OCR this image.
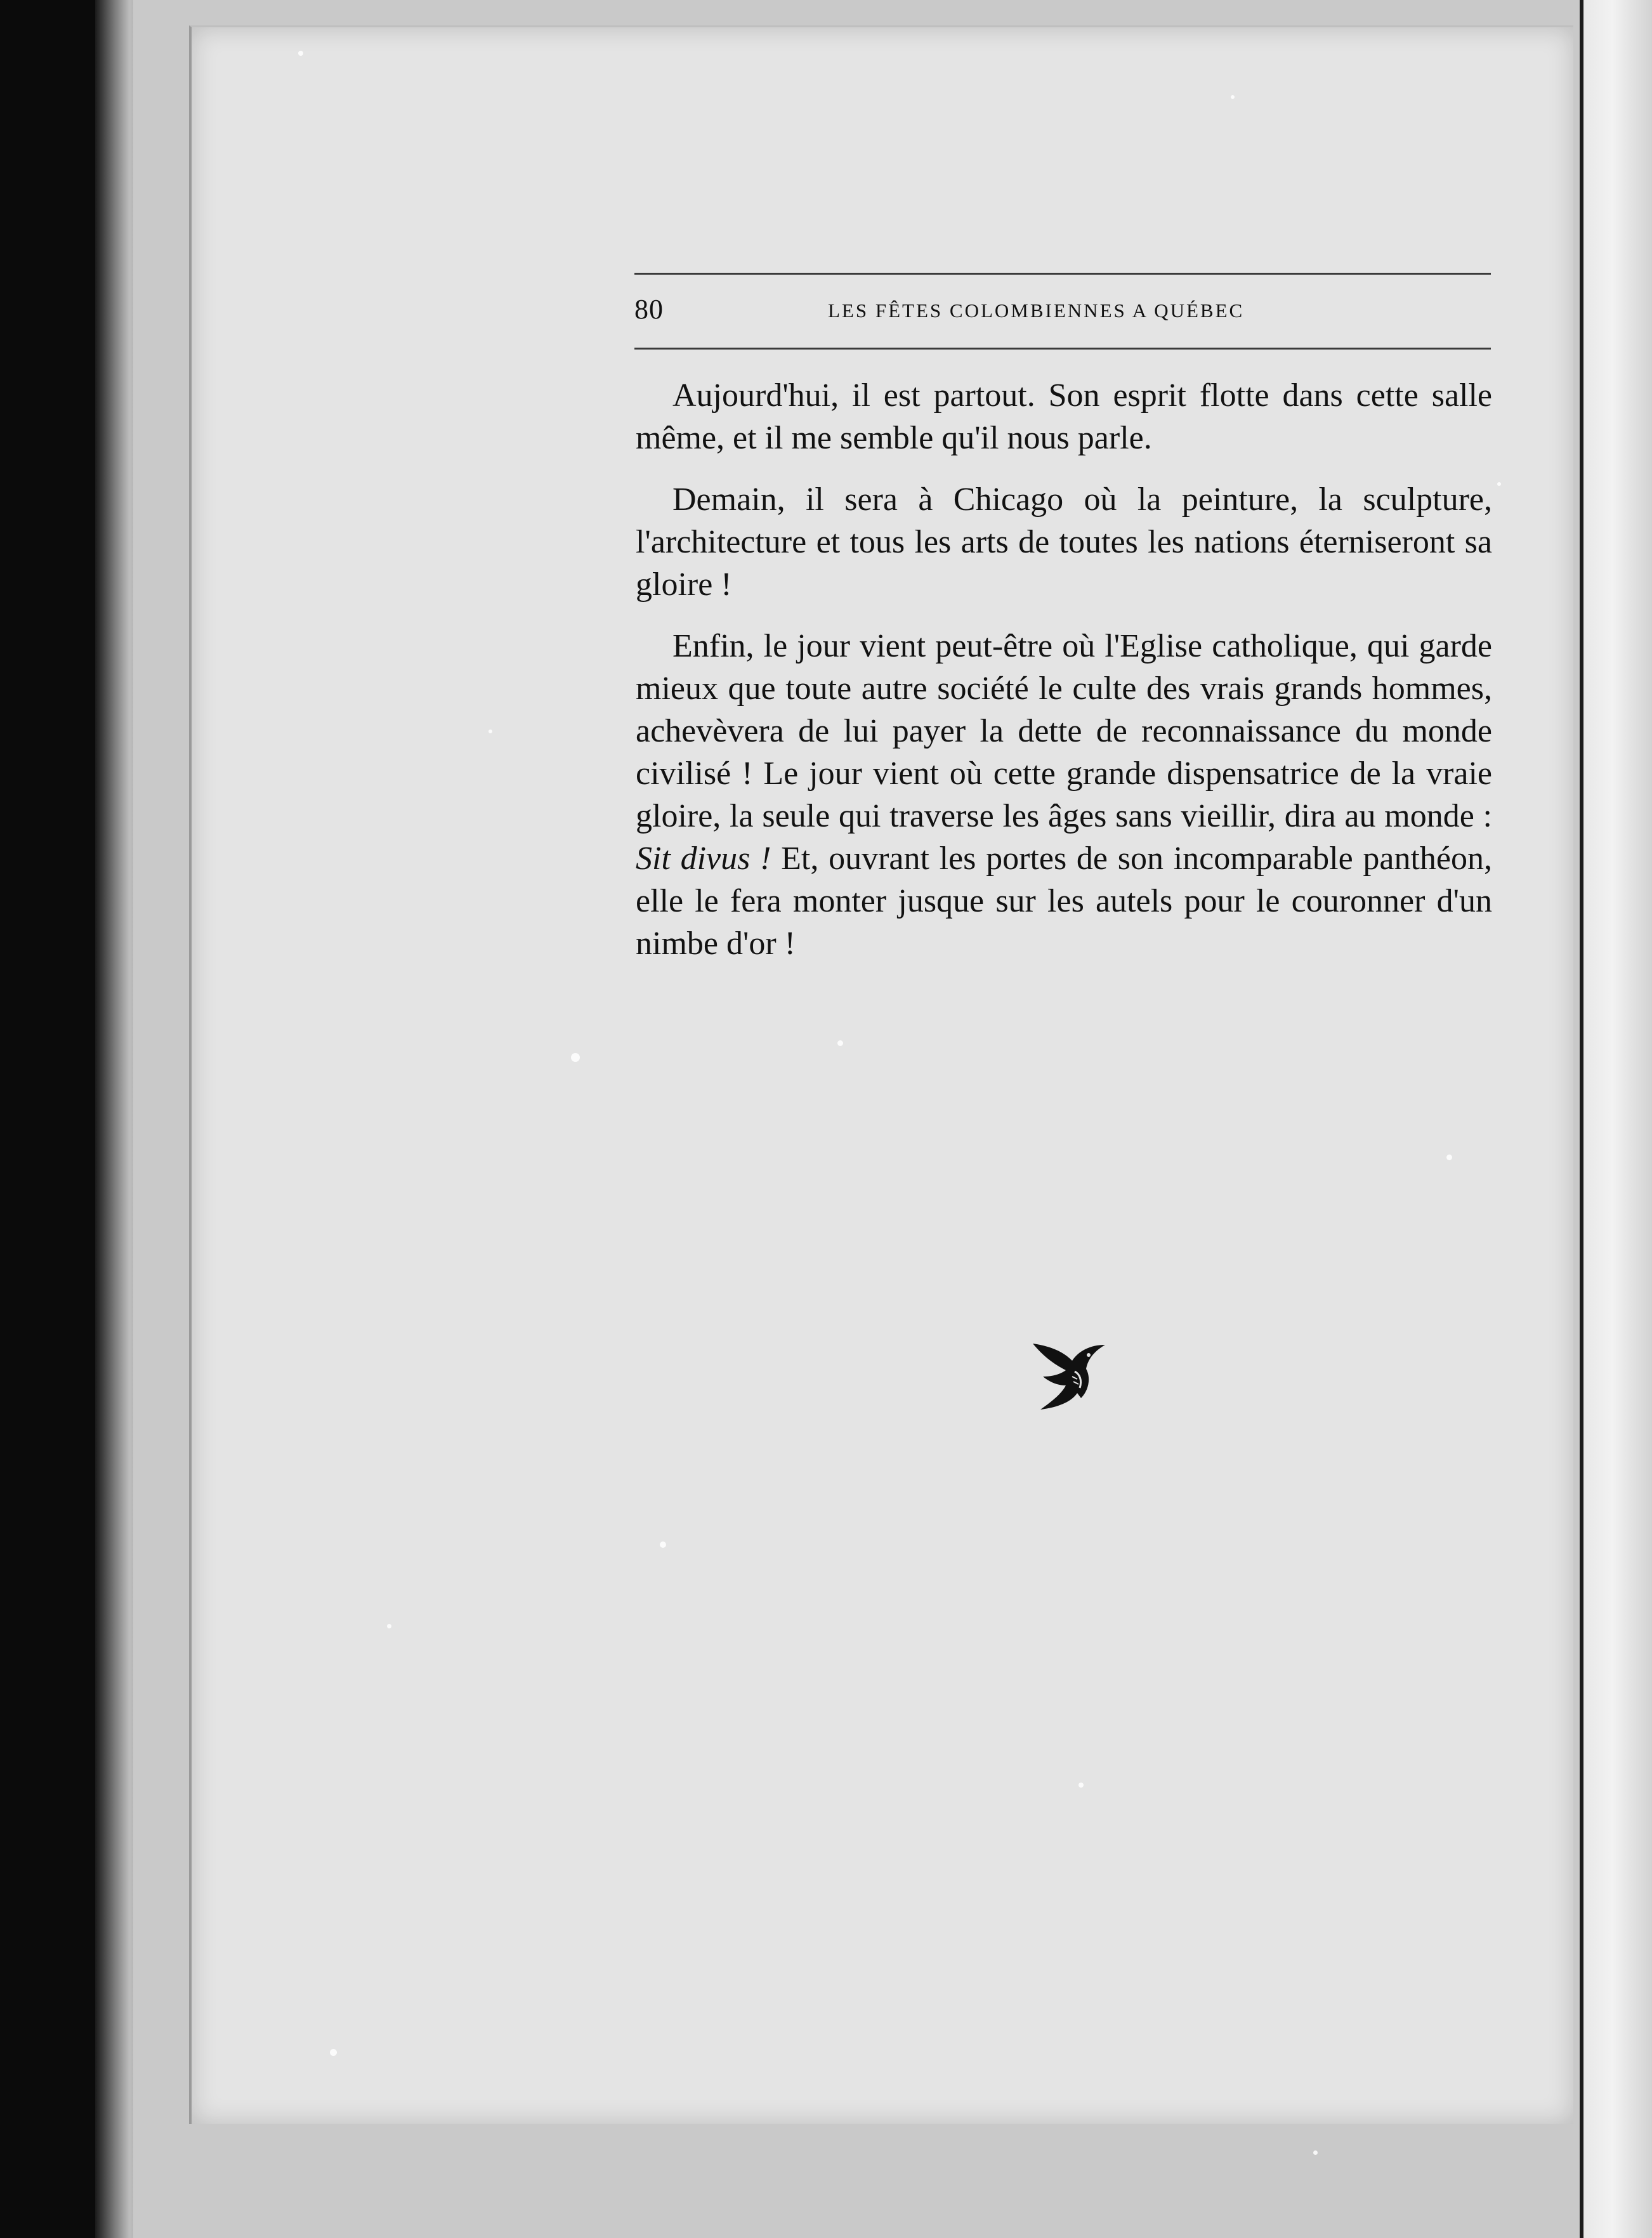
80	LES FÊTES COLOMBIENNES A QUÉBEC

Aujourd'hui, il est partout. Son esprit flotte dans cette salle même, et il me semble qu'il nous parle.

Demain, il sera à Chicago où la peinture, la sculpture, l'architecture et tous les arts de toutes les nations éterniseront sa gloire !

Enfin, le jour vient peut-être où l'Eglise catholique, qui garde mieux que toute autre société le culte des vrais grands hommes, achevèvera de lui payer la dette de reconnaissance du monde civilisé ! Le jour vient où cette grande dispensatrice de la vraie gloire, la seule qui traverse les âges sans vieillir, dira au monde : Sit divus ! Et, ouvrant les portes de son incomparable panthéon, elle le fera monter jusque sur les autels pour le couronner d'un nimbe d'or !
